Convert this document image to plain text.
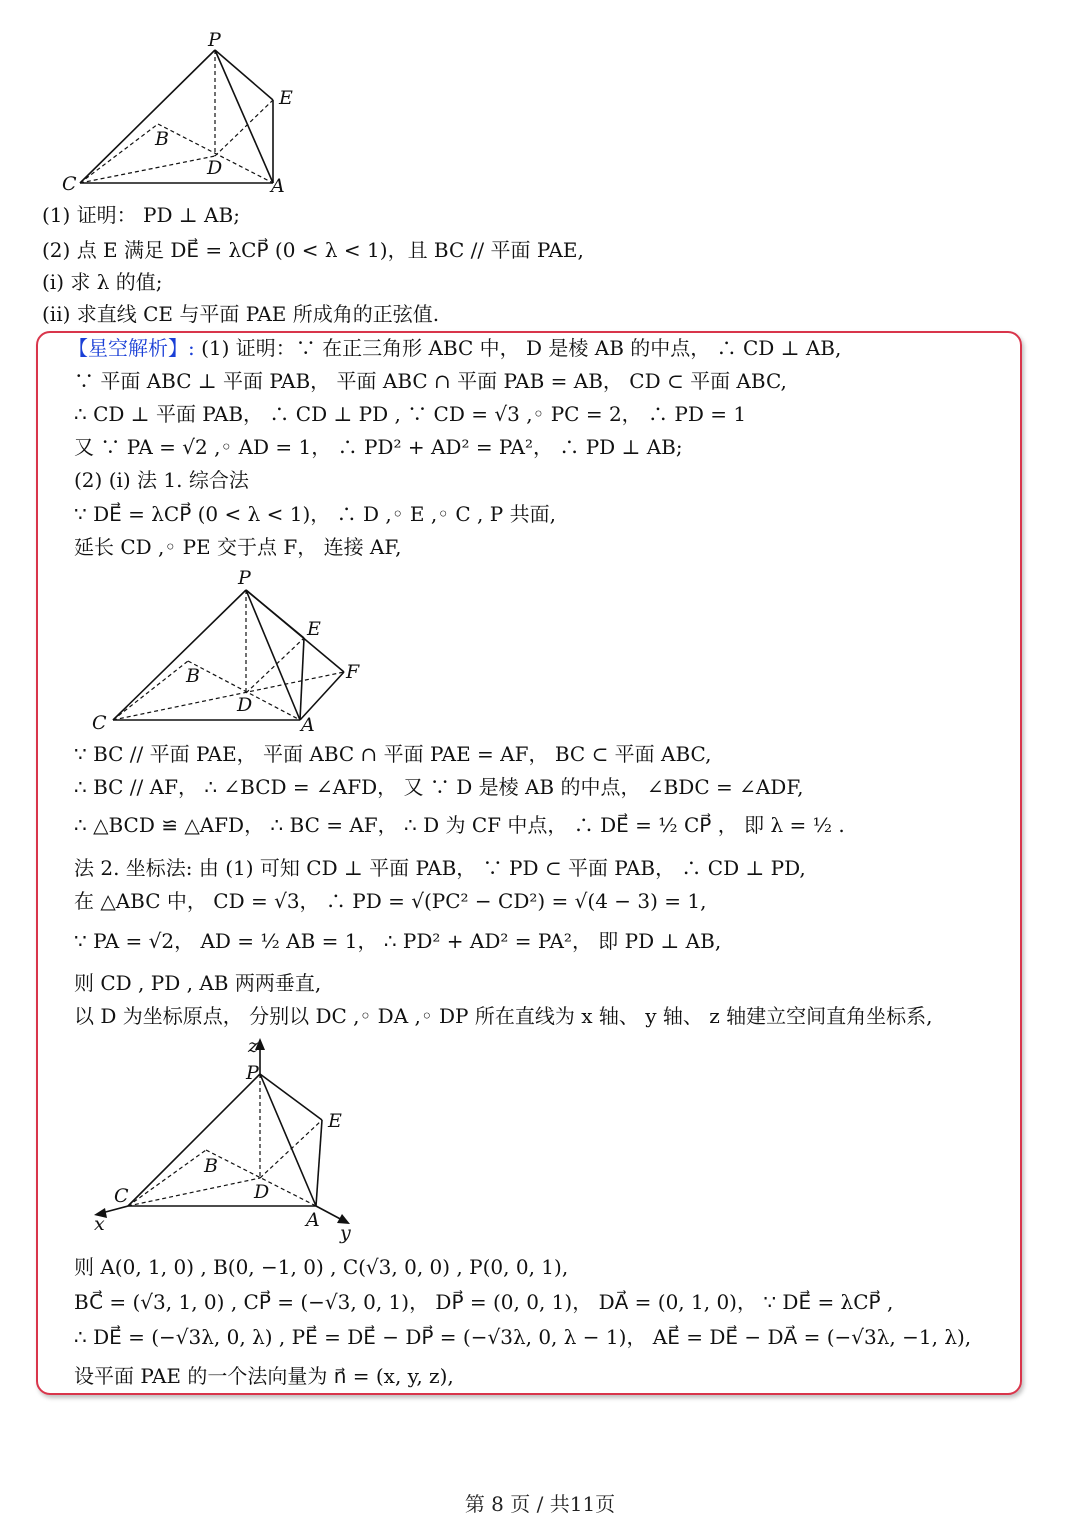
P
E
B
D
C	A
(1) 证明： PD ⊥ AB;
(2) 点 E 满足 DE⃗ = λCP⃗ (0 < λ < 1)，且 BC // 平面 PAE,
(i) 求 λ 的值;
(ii) 求直线 CE 与平面 PAE 所成角的正弦值.
【星空解析】: (1) 证明：∵ 在正三角形 ABC 中， D 是棱 AB 的中点， ∴ CD ⊥ AB,
∵ 平面 ABC ⊥ 平面 PAB， 平面 ABC ∩ 平面 PAB = AB， CD ⊂ 平面 ABC,
∴ CD ⊥ 平面 PAB， ∴ CD ⊥ PD , ∵ CD = √3 ,◦ PC = 2， ∴ PD = 1
又 ∵ PA = √2 ,◦ AD = 1， ∴ PD² + AD² = PA²， ∴ PD ⊥ AB;
(2) (i) 法 1. 综合法
∵ DE⃗ = λCP⃗ (0 < λ < 1)， ∴ D ,◦ E ,◦ C , P 共面,
延长 CD ,◦ PE 交于点 F， 连接 AF,
P
E
F
B
D
C	A
∵ BC // 平面 PAE， 平面 ABC ∩ 平面 PAE = AF， BC ⊂ 平面 ABC,
∴ BC // AF， ∴ ∠BCD = ∠AFD， 又 ∵ D 是棱 AB 的中点， ∠BDC = ∠ADF,
∴ △BCD ≌ △AFD， ∴ BC = AF， ∴ D 为 CF 中点， ∴ DE⃗ = ½ CP⃗ ， 即 λ = ½ .
法 2. 坐标法: 由 (1) 可知 CD ⊥ 平面 PAB， ∵ PD ⊂ 平面 PAB， ∴ CD ⊥ PD,
在 △ABC 中， CD = √3， ∴ PD = √(PC² − CD²) = √(4 − 3) = 1,
∵ PA = √2， AD = ½ AB = 1， ∴ PD² + AD² = PA²， 即 PD ⊥ AB,
则 CD , PD , AB 两两垂直,
以 D 为坐标原点， 分别以 DC ,◦ DA ,◦ DP 所在直线为 x 轴、 y 轴、 z 轴建立空间直角坐标系,
z
P
E
B
C	D
A
x	y
则 A(0, 1, 0) , B(0, −1, 0) , C(√3, 0, 0) , P(0, 0, 1),
BC⃗ = (√3, 1, 0) , CP⃗ = (−√3, 0, 1)， DP⃗ = (0, 0, 1)， DA⃗ = (0, 1, 0)， ∵ DE⃗ = λCP⃗ ,
∴ DE⃗ = (−√3λ, 0, λ) , PE⃗ = DE⃗ − DP⃗ = (−√3λ, 0, λ − 1)， AE⃗ = DE⃗ − DA⃗ = (−√3λ, −1, λ),
设平面 PAE 的一个法向量为 n⃗ = (x, y, z),
第 8 页 / 共11页
